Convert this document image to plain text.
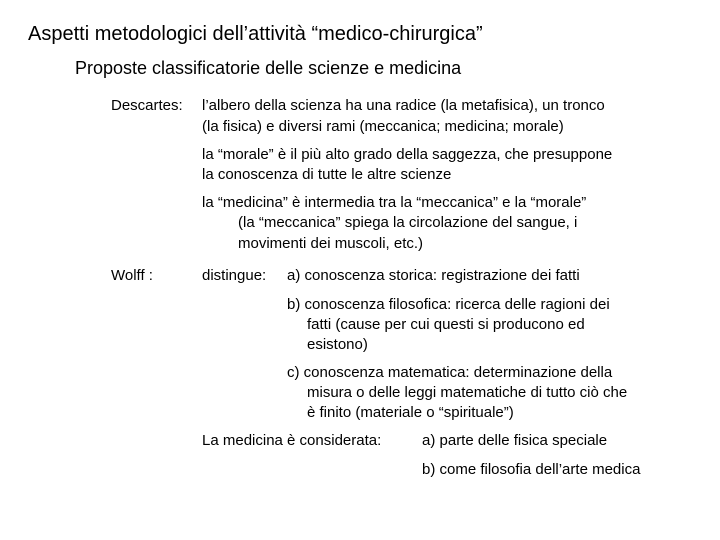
Aspetti metodologici dell’attività “medico-chirurgica”
Proposte classificatorie delle scienze e medicina
Descartes: l’albero della scienza ha una radice (la metafisica), un tronco
(la fisica) e diversi rami (meccanica; medicina; morale)
la “morale” è il più alto grado della saggezza, che presuppone
la conoscenza di tutte le altre scienze
la “medicina” è intermedia tra la “meccanica” e la “morale”
(la “meccanica” spiega la circolazione del sangue, i
movimenti dei muscoli, etc.)
Wolff :	distingue: a) conoscenza storica: registrazione dei fatti
b) conoscenza filosofica: ricerca delle ragioni dei
fatti (cause per cui questi si producono ed
esistono)
c) conoscenza matematica: determinazione della
misura o delle leggi matematiche di tutto ciò che
è finito (materiale o “spirituale”)
La medicina è considerata:	a) parte delle fisica speciale
b) come filosofia dell’arte medica
